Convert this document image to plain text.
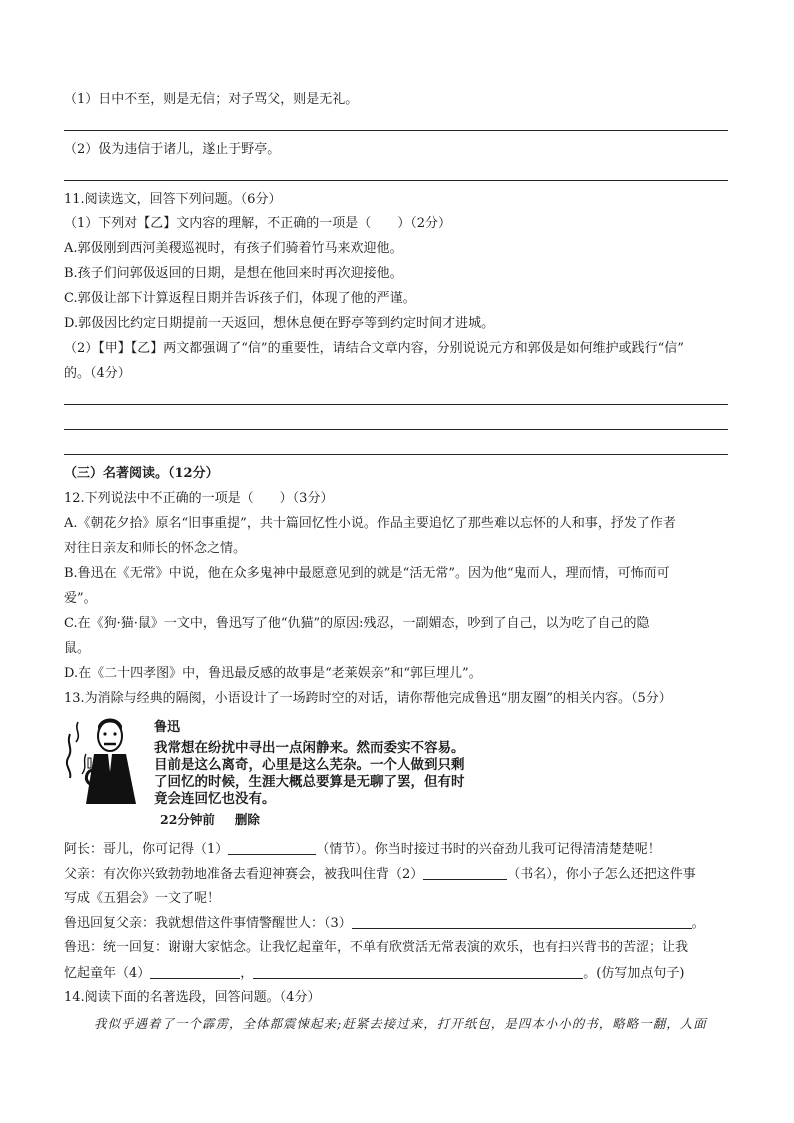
（1）日中不至，则是无信；对子骂父，则是无礼。
（2）伋为违信于诸儿，遂止于野亭。
11.阅读选文，回答下列问题。（6分）
（1）下列对【乙】文内容的理解，不正确的一项是（　　）（2分）
A.郭伋刚到西河美稷巡视时，有孩子们骑着竹马来欢迎他。
B.孩子们问郭伋返回的日期，是想在他回来时再次迎接他。
C.郭伋让部下计算返程日期并告诉孩子们，体现了他的严谨。
D.郭伋因比约定日期提前一天返回，想休息便在野亭等到约定时间才进城。
（2）【甲】【乙】两文都强调了“信”的重要性，请结合文章内容，分别说说元方和郭伋是如何维护或践行“信”
的。（4分）
（三）名著阅读。（12分）
12.下列说法中不正确的一项是（　　）（3分）
A.《朝花夕拾》原名“旧事重提”，共十篇回忆性小说。作品主要追忆了那些难以忘怀的人和事，抒发了作者
对往日亲友和师长的怀念之情。
B.鲁迅在《无常》中说，他在众多鬼神中最愿意见到的就是“活无常”。因为他“鬼而人，理而情，可怖而可
爱”。
C.在《狗·猫·鼠》一文中，鲁迅写了他“仇猫”的原因:残忍，一副媚态，吵到了自己，以为吃了自己的隐
鼠。
D.在《二十四孝图》中，鲁迅最反感的故事是“老莱娱亲”和“郭巨埋儿”。
13.为消除与经典的隔阂，小语设计了一场跨时空的对话，请你帮他完成鲁迅“朋友圈”的相关内容。（5分）
鲁迅
我常想在纷扰中寻出一点闲静来。然而委实不容易。
目前是这么离奇，心里是这么芜杂。一个人做到只剩
了回忆的时候，生涯大概总要算是无聊了罢，但有时
竟会连回忆也没有。
22分钟前 删除
阿长：哥儿，你可记得（1）	（情节）。你当时接过书时的兴奋劲儿我可记得清清楚楚呢！
父亲：有次你兴致勃勃地准备去看迎神赛会，被我叫住背（2）	（书名），你小子怎么还把这件事
写成《五猖会》一文了呢！
鲁迅回复父亲：我就想借这件事情警醒世人：（3）	。
鲁迅：统一回复：谢谢大家惦念。让我忆起童年，不单有欣赏活无常表演的欢乐，也有扫兴背书的苦涩；让我
忆起童年（4）	，	。(仿写加点句子)
14.阅读下面的名著选段，回答问题。（4分）
我似乎遇着了一个霹雳，全体都震悚起来;赶紧去接过来，打开纸包，是四本小小的书，略略一翻，人面
